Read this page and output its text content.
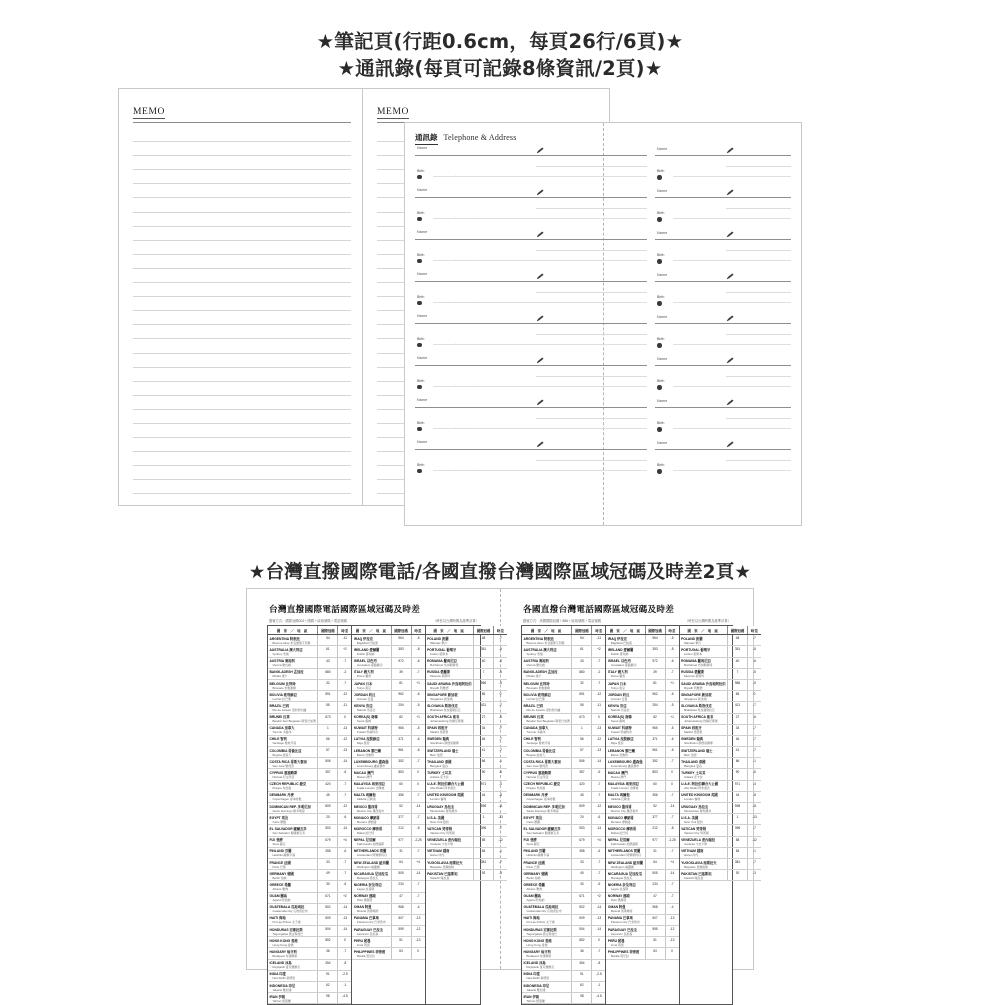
★筆記頁(行距0.6cm，每頁26行/6頁)★
★通訊錄(每頁可記錄8條資訊/2頁)★
MEMO	MEMO
通訊錄 Telephone & Address
Name
Birth
.	.
Name
Birth
.	.
Name
Birth
.	.
Name
Birth
.	.
Name
Birth
.	.
Name
Birth
.	.
Name
Birth
.	.
Name
Birth
.	.
Name
Birth
.	.
Name
Birth
.	.
Name
Birth
.	.
Name
Birth
.	.
Name
Birth
.	.
Name
Birth
.	.
Name
Birth
.	.
Name
Birth
.	.
★台灣直撥國際電話/各國直撥台灣國際區域冠碼及時差2頁★
台灣直撥國際電話國際區域冠碼及時差
撥號方式：國際冠碼002＋國碼＋區域號碼＋電話號碼	（時差以台灣時間為基準計算）
國 家 ／ 地 區	國際冠碼	時差
ARGENTINA 阿根廷
Buenos Aires 布宜諾斯艾利斯
54	-11
AUSTRALIA 澳大利亞
Sydney 雪梨
61	+2
AUSTRIA 奧地利
Vienna 維也納
43	-7
BANGLADESH 孟加拉
Dhaka 達卡
880	-2
BELGIUM 比利時
Brussels 布魯塞爾
32	-7
BOLIVIA 玻利維亞
La Paz 拉巴斯
591	-12
BRAZIL 巴西
Rio de Janeiro 里約熱內盧
55	-11
BRUNEI 汶萊
Bandar Seri Begawan 斯里巴加灣
673	0
CANADA 加拿大
Toronto 多倫多
1	-13
CHILE 智利
Santiago 聖地牙哥
56	-12
COLOMBIA 哥倫比亞
Bogota 波哥大
57	-13
COSTA RICA 哥斯大黎加
San Jose 聖荷西
506	-14
CYPRUS 塞浦路斯
Nicosia 尼古西亞
357	-6
CZECH REPUBLIC 捷克
Prague 布拉格
420	-7
DENMARK 丹麥
Copenhagen 哥本哈根
45	-7
DOMINICAN REP. 多明尼加
Santo Domingo 聖多明哥
809	-12
EGYPT 埃及
Cairo 開羅
20	-6
EL SALVADOR 薩爾瓦多
San Salvador 聖薩爾瓦多
503	-14
FIJI 斐濟
Suva 蘇瓦
679	+4
FINLAND 芬蘭
Helsinki 赫爾辛基
358	-6
FRANCE 法國
Paris 巴黎
33	-7
GERMANY 德國
Berlin 柏林
49	-7
GREECE 希臘
Athens 雅典
30	-6
GUAM 關島
Agana 阿加納
671	+2
GUATEMALA 瓜地馬拉
Guatemala City 瓜地馬拉市
502	-14
HAITI 海地
Port-au-Prince 太子港
509	-13
HONDURAS 宏都拉斯
Tegucigalpa 德古斯加巴
504	-14
HONG KONG 香港
Hong Kong 香港
852	0
HUNGARY 匈牙利
Budapest 布達佩斯
36	-7
ICELAND 冰島
Reykjavik 雷克雅維克
354	-8
INDIA 印度
New Delhi 新德里
91	-2.5
INDONESIA 印尼
Jakarta 雅加達
62	-1
IRAN 伊朗
Tehran 德黑蘭
98	-4.5
國 家 ／ 地 區	國際冠碼	時差
IRAQ 伊拉克
Baghdad 巴格達
964	-5
IRELAND 愛爾蘭
Dublin 都柏林
353	-8
ISRAEL 以色列
Jerusalem 耶路撒冷
972	-6
ITALY 義大利
Rome 羅馬
39	-7
JAPAN 日本
Tokyo 東京
81	+1
JORDAN 約旦
Amman 安曼
962	-6
KENYA 肯亞
Nairobi 奈洛比
254	-5
KOREA(S) 南韓
Seoul 漢城
82	+1
KUWAIT 科威特
Kuwait 科威特市
965	-5
LATVIA 拉脫維亞
Riga 里加
371	-6
LEBANON 黎巴嫩
Beirut 貝魯特
961	-6
LUXEMBOURG 盧森堡
Luxembourg 盧森堡市
352	-7
MACAU 澳門
Macau 澳門
853	0
MALAYSIA 馬來西亞
Kuala Lumpur 吉隆坡
60	0
MALTA 馬爾他
Valletta 瓦勒他
356	-7
MEXICO 墨西哥
Mexico City 墨西哥市
52	-14
MONACO 摩納哥
Monaco 摩納哥
377	-7
MOROCCO 摩洛哥
Rabat 拉巴特
212	-8
NEPAL 尼泊爾
Kathmandu 加德滿都
977	-2.25
NETHERLANDS 荷蘭
Amsterdam 阿姆斯特丹
31	-7
NEW ZEALAND 紐西蘭
Wellington 威靈頓
64	+4
NICARAGUA 尼加拉瓜
Managua 馬拉瓜
505	-14
NIGERIA 奈及利亞
Lagos 拉哥斯
234	-7
NORWAY 挪威
Oslo 奧斯陸
47	-7
OMAN 阿曼
Muscat 馬斯喀特
968	-4
PANAMA 巴拿馬
Panama City 巴拿馬市
507	-13
PARAGUAY 巴拉圭
Asuncion 亞松森
595	-12
PERU 秘魯
Lima 利馬
51	-13
PHILIPPINES 菲律賓
Manila 馬尼拉
63	0
國 家 ／ 地 區	國際冠碼	時差
POLAND 波蘭
Warsaw 華沙
48	-7
PORTUGAL 葡萄牙
Lisbon 里斯本
351	-8
ROMANIA 羅馬尼亞
Bucharest 布加勒斯特
40	-6
RUSSIA 俄羅斯
Moscow 莫斯科
7	-5
SAUDI ARABIA 沙烏地阿拉伯
Riyadh 利雅德
966	-5
SINGAPORE 新加坡
Singapore 新加坡
65	0
SLOVAKIA 斯洛伐克
Bratislava 布拉提斯拉瓦
421	-7
SOUTH AFRICA 南非
Johannesburg 約翰尼斯堡
27	-6
SPAIN 西班牙
Madrid 馬德里
34	-7
SWEDEN 瑞典
Stockholm 斯德哥爾摩
46	-7
SWITZERLAND 瑞士
Bern 伯恩
41	-7
THAILAND 泰國
Bangkok 曼谷
66	-1
TURKEY 土耳其
Ankara 安卡拉
90	-6
U.A.E. 阿拉伯聯合大公國
Abu Dhabi 阿布達比
971	-4
UNITED KINGDOM 英國
London 倫敦
44	-8
URUGUAY 烏拉圭
Montevideo 蒙特維多
598	-11
U.S.A. 美國
New York 紐約
1	-13
VATICAN 梵蒂岡
Vatican City 梵蒂岡
396	-7
VENEZUELA 委內瑞拉
Caracas 卡拉卡斯
58	-12
VIETNAM 越南
Hanoi 河內
84	-1
YUGOSLAVIA 南斯拉夫
Belgrade 貝爾格勒
381	-7
PAKISTAN 巴基斯坦
Karachi 喀拉蚩
92	-3
各國直撥台灣電話國際區域冠碼及時差
撥號方式：該國國際冠碼＋886＋區域號碼＋電話號碼	（時差以台灣時間為基準計算）
國 家 ／ 地 區	國際冠碼	時差
ARGENTINA 阿根廷
Buenos Aires 布宜諾斯艾利斯
54	-11
AUSTRALIA 澳大利亞
Sydney 雪梨
61	+2
AUSTRIA 奧地利
Vienna 維也納
43	-7
BANGLADESH 孟加拉
Dhaka 達卡
880	-2
BELGIUM 比利時
Brussels 布魯塞爾
32	-7
BOLIVIA 玻利維亞
La Paz 拉巴斯
591	-12
BRAZIL 巴西
Rio de Janeiro 里約熱內盧
55	-11
BRUNEI 汶萊
Bandar Seri Begawan 斯里巴加灣
673	0
CANADA 加拿大
Toronto 多倫多
1	-13
CHILE 智利
Santiago 聖地牙哥
56	-12
COLOMBIA 哥倫比亞
Bogota 波哥大
57	-13
COSTA RICA 哥斯大黎加
San Jose 聖荷西
506	-14
CYPRUS 塞浦路斯
Nicosia 尼古西亞
357	-6
CZECH REPUBLIC 捷克
Prague 布拉格
420	-7
DENMARK 丹麥
Copenhagen 哥本哈根
45	-7
DOMINICAN REP. 多明尼加
Santo Domingo 聖多明哥
809	-12
EGYPT 埃及
Cairo 開羅
20	-6
EL SALVADOR 薩爾瓦多
San Salvador 聖薩爾瓦多
503	-14
FIJI 斐濟
Suva 蘇瓦
679	+4
FINLAND 芬蘭
Helsinki 赫爾辛基
358	-6
FRANCE 法國
Paris 巴黎
33	-7
GERMANY 德國
Berlin 柏林
49	-7
GREECE 希臘
Athens 雅典
30	-6
GUAM 關島
Agana 阿加納
671	+2
GUATEMALA 瓜地馬拉
Guatemala City 瓜地馬拉市
502	-14
HAITI 海地
Port-au-Prince 太子港
509	-13
HONDURAS 宏都拉斯
Tegucigalpa 德古斯加巴
504	-14
HONG KONG 香港
Hong Kong 香港
852	0
HUNGARY 匈牙利
Budapest 布達佩斯
36	-7
ICELAND 冰島
Reykjavik 雷克雅維克
354	-8
INDIA 印度
New Delhi 新德里
91	-2.5
INDONESIA 印尼
Jakarta 雅加達
62	-1
IRAN 伊朗
Tehran 德黑蘭
98	-4.5
國 家 ／ 地 區	國際冠碼	時差
IRAQ 伊拉克
Baghdad 巴格達
964	-5
IRELAND 愛爾蘭
Dublin 都柏林
353	-8
ISRAEL 以色列
Jerusalem 耶路撒冷
972	-6
ITALY 義大利
Rome 羅馬
39	-7
JAPAN 日本
Tokyo 東京
81	+1
JORDAN 約旦
Amman 安曼
962	-6
KENYA 肯亞
Nairobi 奈洛比
254	-5
KOREA(S) 南韓
Seoul 漢城
82	+1
KUWAIT 科威特
Kuwait 科威特市
965	-5
LATVIA 拉脫維亞
Riga 里加
371	-6
LEBANON 黎巴嫩
Beirut 貝魯特
961	-6
LUXEMBOURG 盧森堡
Luxembourg 盧森堡市
352	-7
MACAU 澳門
Macau 澳門
853	0
MALAYSIA 馬來西亞
Kuala Lumpur 吉隆坡
60	0
MALTA 馬爾他
Valletta 瓦勒他
356	-7
MEXICO 墨西哥
Mexico City 墨西哥市
52	-14
MONACO 摩納哥
Monaco 摩納哥
377	-7
MOROCCO 摩洛哥
Rabat 拉巴特
212	-8
NEPAL 尼泊爾
Kathmandu 加德滿都
977	-2.25
NETHERLANDS 荷蘭
Amsterdam 阿姆斯特丹
31	-7
NEW ZEALAND 紐西蘭
Wellington 威靈頓
64	+4
NICARAGUA 尼加拉瓜
Managua 馬拉瓜
505	-14
NIGERIA 奈及利亞
Lagos 拉哥斯
234	-7
NORWAY 挪威
Oslo 奧斯陸
47	-7
OMAN 阿曼
Muscat 馬斯喀特
968	-4
PANAMA 巴拿馬
Panama City 巴拿馬市
507	-13
PARAGUAY 巴拉圭
Asuncion 亞松森
595	-12
PERU 秘魯
Lima 利馬
51	-13
PHILIPPINES 菲律賓
Manila 馬尼拉
63	0
國 家 ／ 地 區	國際冠碼	時差
POLAND 波蘭
Warsaw 華沙
48	-7
PORTUGAL 葡萄牙
Lisbon 里斯本
351	-8
ROMANIA 羅馬尼亞
Bucharest 布加勒斯特
40	-6
RUSSIA 俄羅斯
Moscow 莫斯科
7	-5
SAUDI ARABIA 沙烏地阿拉伯
Riyadh 利雅德
966	-5
SINGAPORE 新加坡
Singapore 新加坡
65	0
SLOVAKIA 斯洛伐克
Bratislava 布拉提斯拉瓦
421	-7
SOUTH AFRICA 南非
Johannesburg 約翰尼斯堡
27	-6
SPAIN 西班牙
Madrid 馬德里
34	-7
SWEDEN 瑞典
Stockholm 斯德哥爾摩
46	-7
SWITZERLAND 瑞士
Bern 伯恩
41	-7
THAILAND 泰國
Bangkok 曼谷
66	-1
TURKEY 土耳其
Ankara 安卡拉
90	-6
U.A.E. 阿拉伯聯合大公國
Abu Dhabi 阿布達比
971	-4
UNITED KINGDOM 英國
London 倫敦
44	-8
URUGUAY 烏拉圭
Montevideo 蒙特維多
598	-11
U.S.A. 美國
New York 紐約
1	-13
VATICAN 梵蒂岡
Vatican City 梵蒂岡
396	-7
VENEZUELA 委內瑞拉
Caracas 卡拉卡斯
58	-12
VIETNAM 越南
Hanoi 河內
84	-1
YUGOSLAVIA 南斯拉夫
Belgrade 貝爾格勒
381	-7
PAKISTAN 巴基斯坦
Karachi 喀拉蚩
92	-3
